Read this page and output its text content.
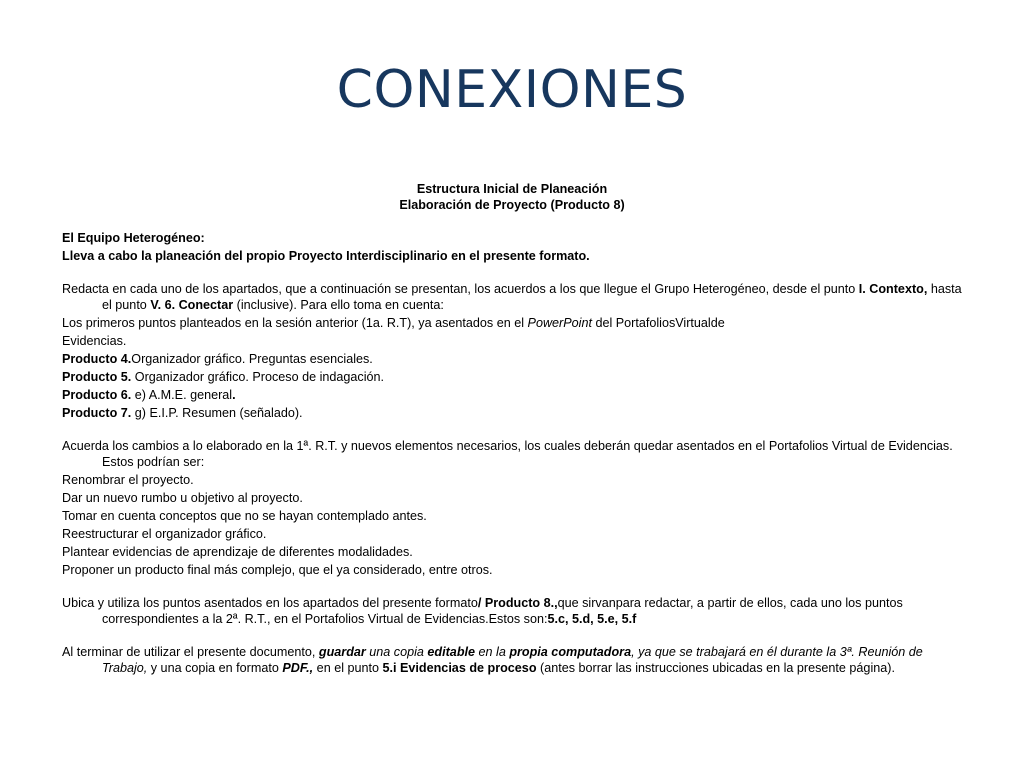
CONEXIONES

Estructura Inicial de Planeación

Elaboración de Proyecto (Producto 8)

El Equipo Heterogéneo:

Lleva a cabo la planeación del propio Proyecto Interdisciplinario en el presente formato.

Redacta en cada uno de los apartados, que a continuación se presentan, los acuerdos a los que llegue el Grupo Heterogéneo, desde el punto I. Contexto, hasta el punto V. 6. Conectar (inclusive). Para ello toma en cuenta:

Los primeros puntos planteados en la sesión anterior (1a. R.T), ya asentados en el PowerPoint del PortafoliosVirtualde

Evidencias.

Producto 4.Organizador gráfico. Preguntas esenciales.

Producto 5. Organizador gráfico. Proceso de indagación.

Producto 6. e) A.M.E. general.

Producto 7. g) E.I.P. Resumen (señalado).

Acuerda los cambios a lo elaborado en la 1ª. R.T. y nuevos elementos necesarios, los cuales deberán quedar asentados en el Portafolios Virtual de Evidencias. Estos podrían ser:

Renombrar el proyecto.

Dar un nuevo rumbo u objetivo al proyecto.

Tomar en cuenta conceptos que no se hayan contemplado antes.

Reestructurar el organizador gráfico.

Plantear evidencias de aprendizaje de diferentes modalidades.

Proponer un producto final más complejo, que el ya considerado, entre otros.

Ubica y utiliza los puntos asentados en los apartados del presente formato/ Producto 8.,que sirvanpara redactar, a partir de ellos, cada uno los puntos correspondientes a la 2ª. R.T., en el Portafolios Virtual de Evidencias.Estos son:5.c, 5.d, 5.e, 5.f

Al terminar de utilizar el presente documento, guardar una copia editable en la propia computadora, ya que se trabajará en él durante la 3ª. Reunión de Trabajo, y una copia en formato PDF., en el punto 5.i Evidencias de proceso (antes borrar las instrucciones ubicadas en la presente página).
